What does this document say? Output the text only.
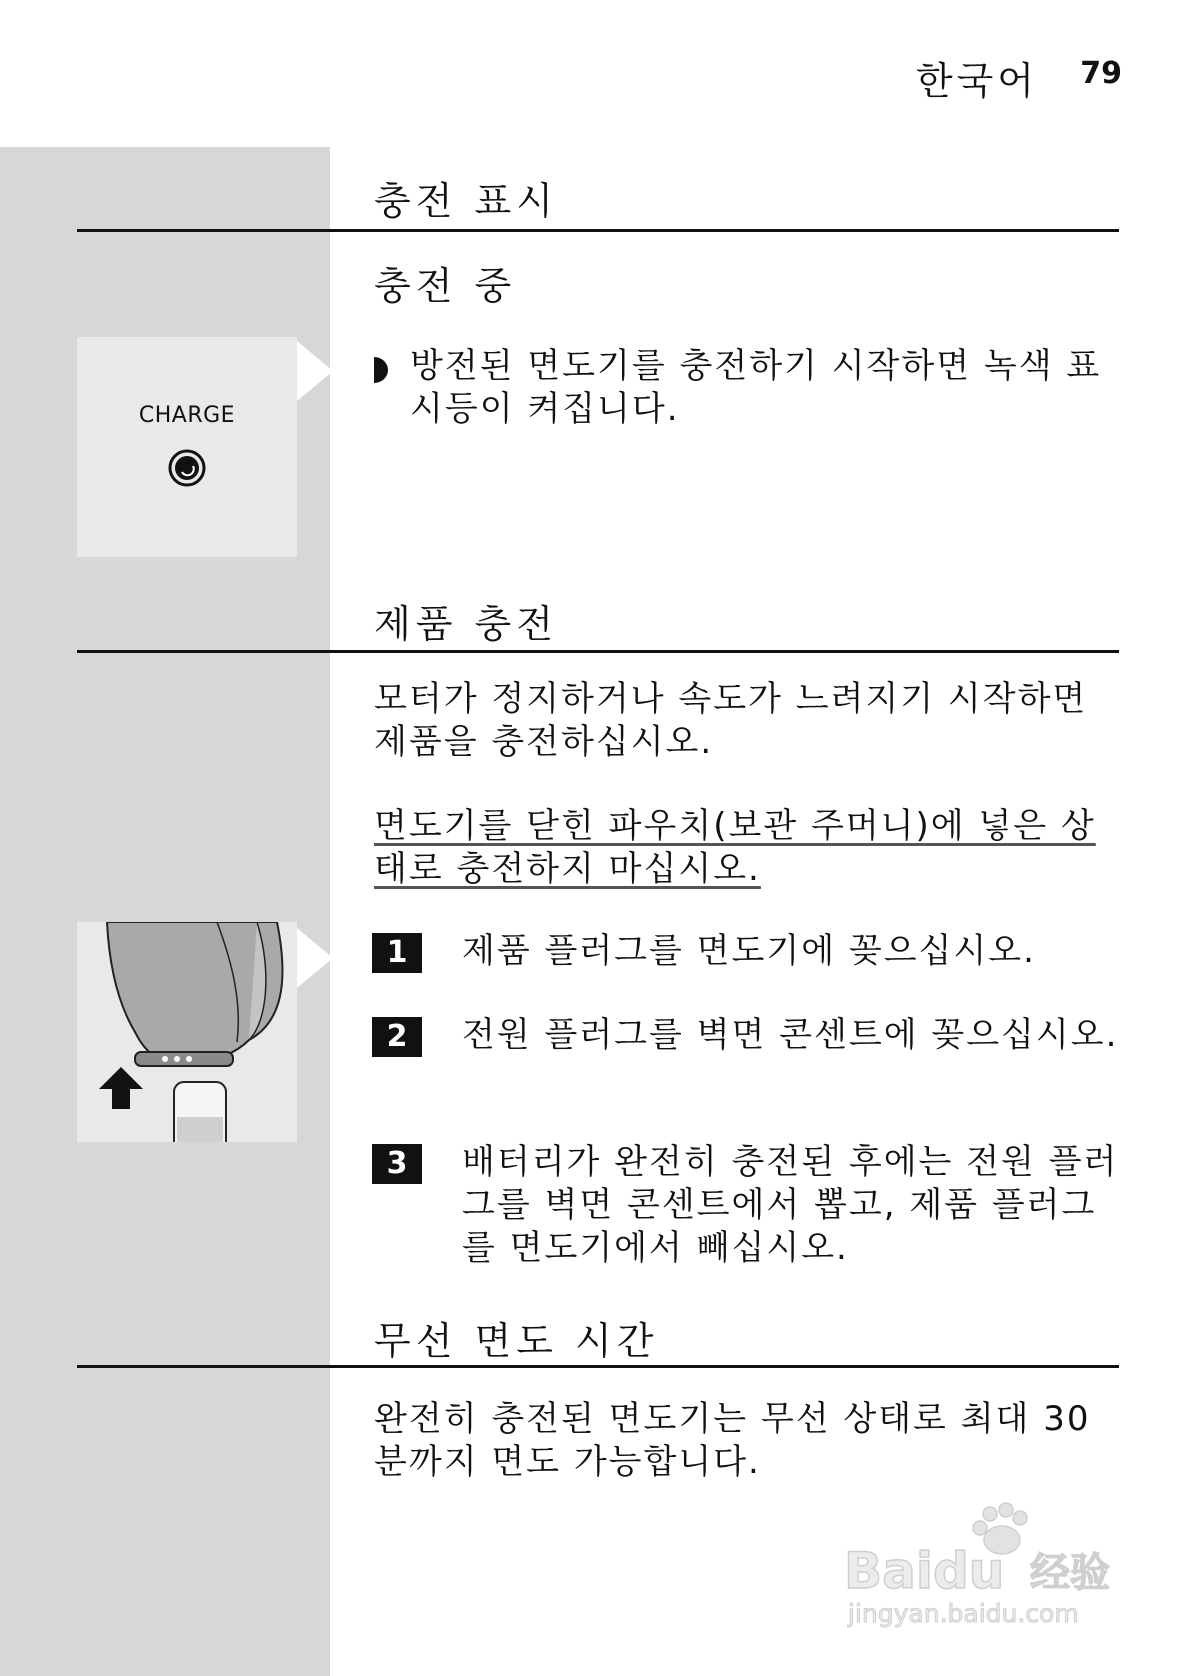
한국어 79
충전 표시
충전 중
CHARGE
방전된 면도기를 충전하기 시작하면 녹색 표시등이 켜집니다.
제품 충전
모터가 정지하거나 속도가 느려지기 시작하면 제품을 충전하십시오.
면도기를 닫힌 파우치(보관 주머니)에 넣은 상태로 충전하지 마십시오.
1	제품 플러그를 면도기에 꽂으십시오.
2	전원 플러그를 벽면 콘센트에 꽂으십시오.
3	배터리가 완전히 충전된 후에는 전원 플러그를 벽면 콘센트에서 뽑고, 제품 플러그를 면도기에서 빼십시오.
무선 면도 시간
완전히 충전된 면도기는 무선 상태로 최대 30분까지 면도 가능합니다.
Baidu 经验
jingyan.baidu.com
